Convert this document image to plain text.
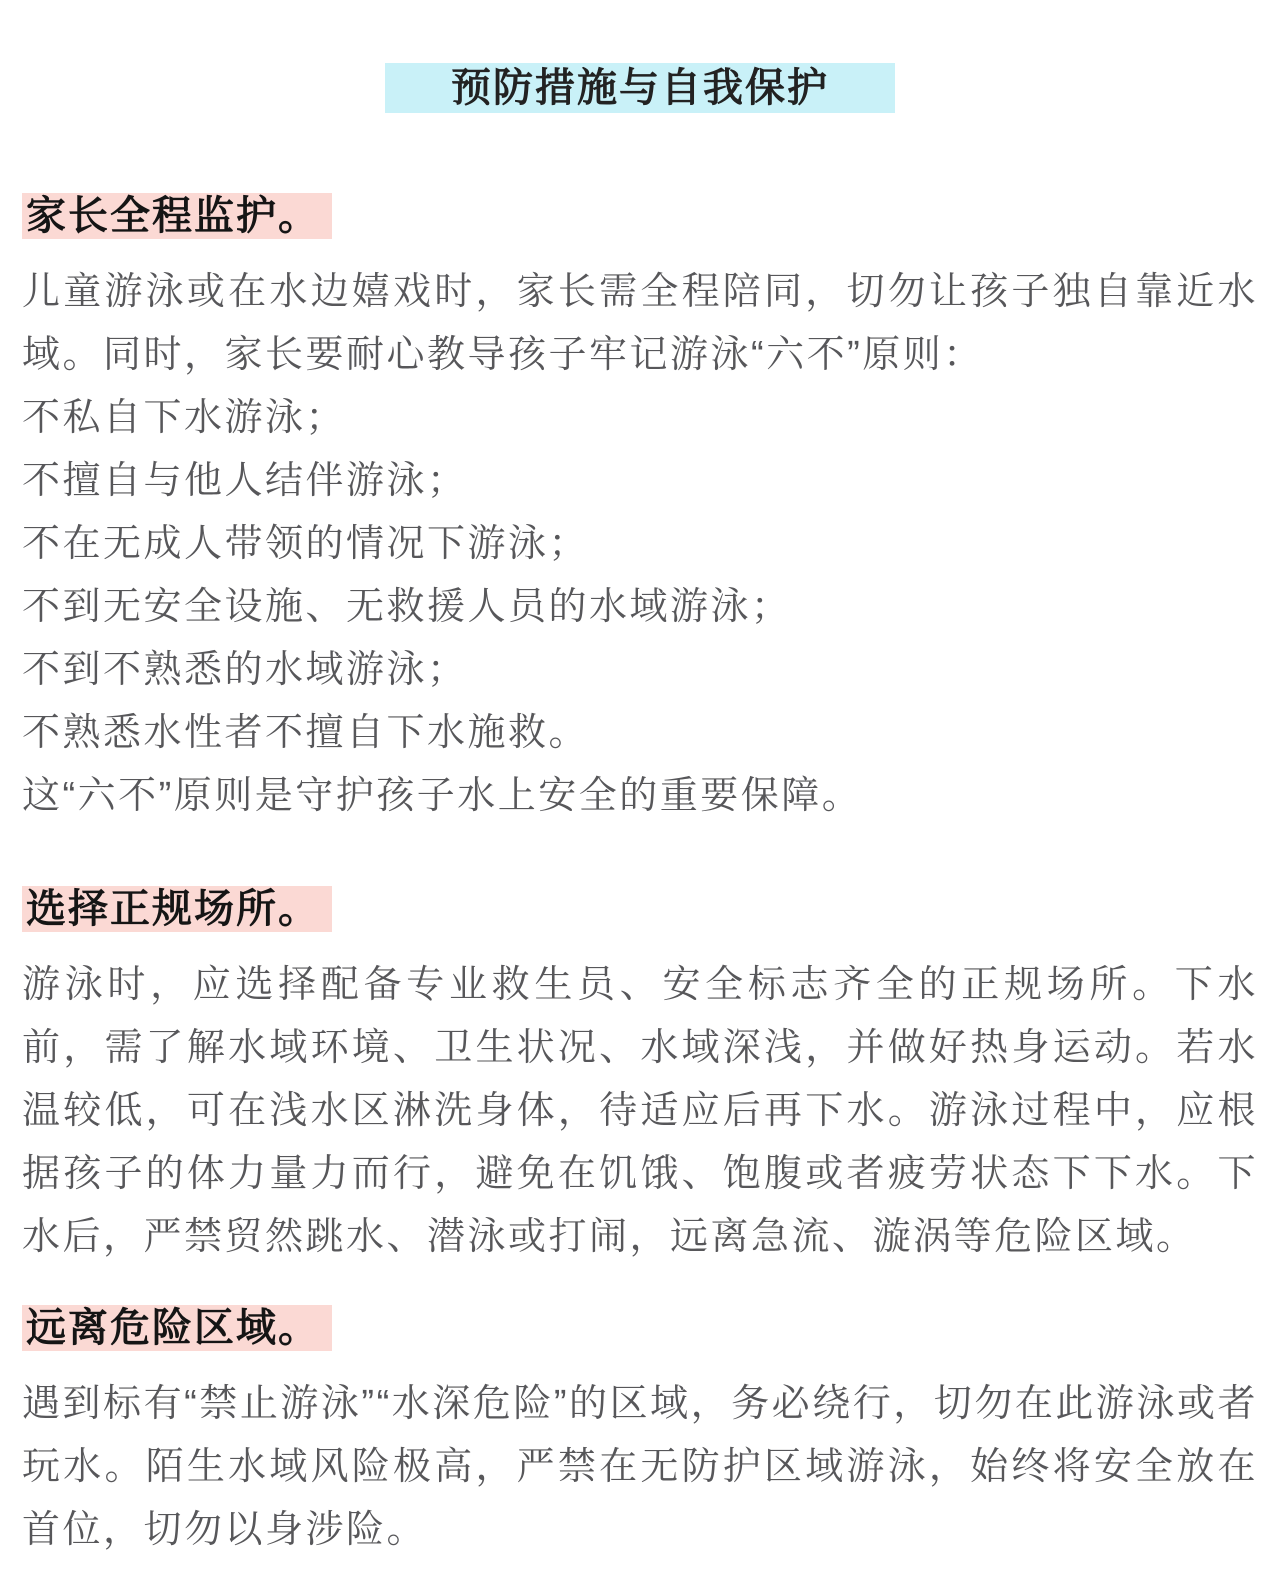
预防措施与自我保护
家长全程监护。

儿童游泳或在水边嬉戏时，家长需全程陪同，切勿让孩子独自靠近水域。同时，家长要耐心教导孩子牢记游泳“六不”原则：
不私自下水游泳；
不擅自与他人结伴游泳；
不在无成人带领的情况下游泳；
不到无安全设施、无救援人员的水域游泳；
不到不熟悉的水域游泳；
不熟悉水性者不擅自下水施救。
这“六不”原则是守护孩子水上安全的重要保障。

选择正规场所。

游泳时，应选择配备专业救生员、安全标志齐全的正规场所。下水前，需了解水域环境、卫生状况、水域深浅，并做好热身运动。若水温较低，可在浅水区淋洗身体，待适应后再下水。游泳过程中，应根据孩子的体力量力而行，避免在饥饿、饱腹或者疲劳状态下下水。下水后，严禁贸然跳水、潜泳或打闹，远离急流、漩涡等危险区域。

远离危险区域。

遇到标有“禁止游泳”“水深危险”的区域，务必绕行，切勿在此游泳或者玩水。陌生水域风险极高，严禁在无防护区域游泳，始终将安全放在首位，切勿以身涉险。
